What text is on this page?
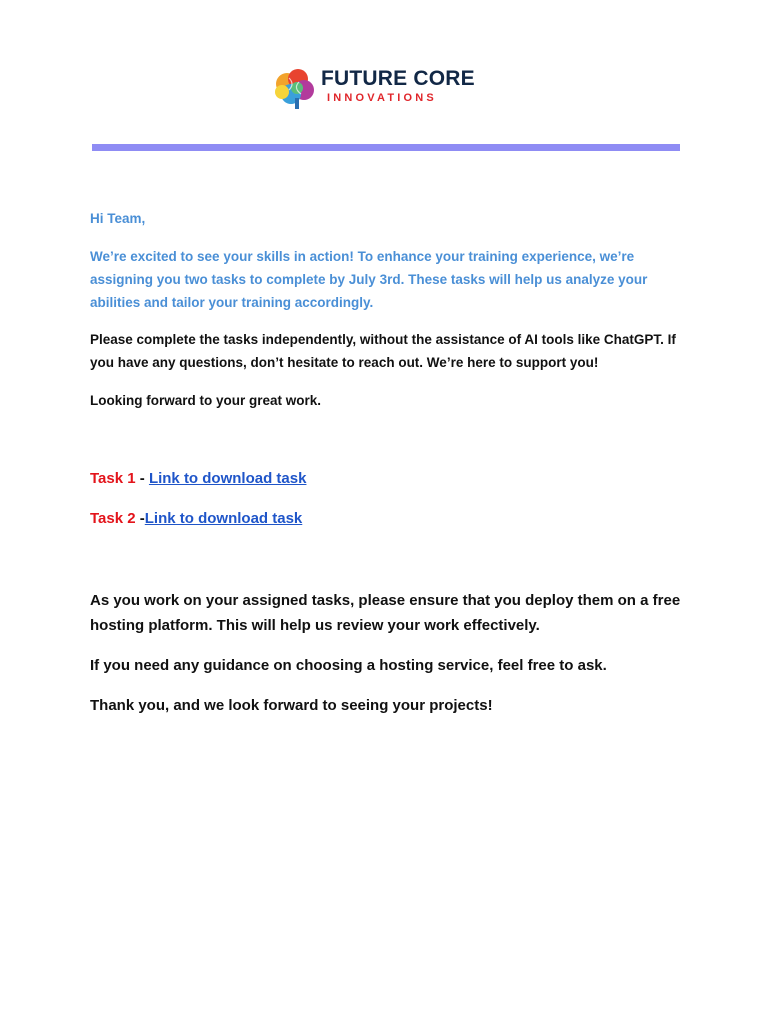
FUTURE CORE
INNOVATIONS

Hi Team,

We’re excited to see your skills in action! To enhance your training experience, we’re assigning you two tasks to complete by July 3rd. These tasks will help us analyze your abilities and tailor your training accordingly.

Please complete the tasks independently, without the assistance of AI tools like ChatGPT. If you have any questions, don’t hesitate to reach out. We’re here to support you!

Looking forward to your great work.

Task 1 - Link to download task

Task 2 -Link to download task

As you work on your assigned tasks, please ensure that you deploy them on a free hosting platform. This will help us review your work effectively.

If you need any guidance on choosing a hosting service, feel free to ask.

Thank you, and we look forward to seeing your projects!
